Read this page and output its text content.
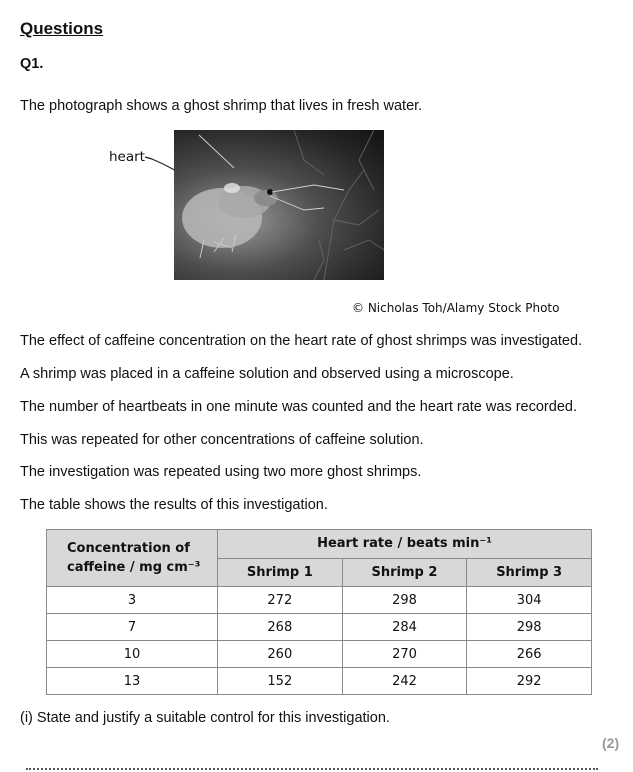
Questions
Q1.
The photograph shows a ghost shrimp that lives in fresh water.
heart
© Nicholas Toh/Alamy Stock Photo
The effect of caffeine concentration on the heart rate of ghost shrimps was investigated.
A shrimp was placed in a caffeine solution and observed using a microscope.
The number of heartbeats in one minute was counted and the heart rate was recorded.
This was repeated for other concentrations of caffeine solution.
The investigation was repeated using two more ghost shrimps.
The table shows the results of this investigation.
Concentration of
caffeine / mg cm⁻³	Heart rate / beats min⁻¹		
	Shrimp 1	Shrimp 2	Shrimp 3
3	272	298	304
7	268	284	298
10	260	270	266
13	152	242	292
(i) State and justify a suitable control for this investigation.
(2)
